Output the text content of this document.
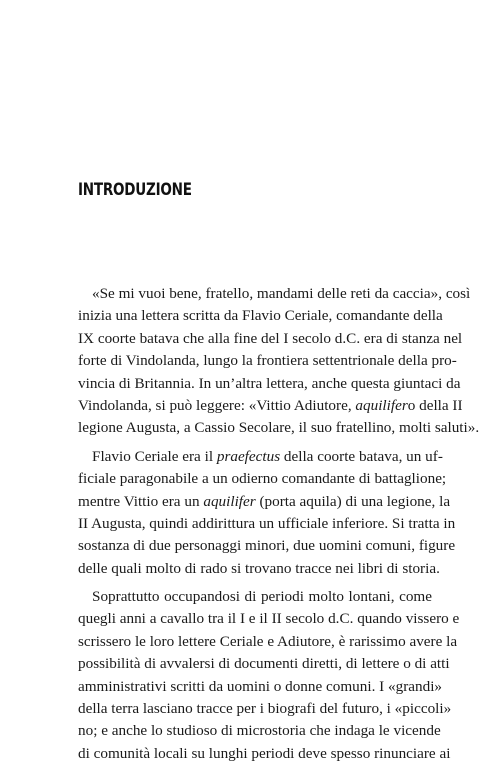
INTRODUZIONE
«Se mi vuoi bene, fratello, mandami delle reti da caccia», così
inizia una lettera scritta da Flavio Ceriale, comandante della
IX coorte batava che alla fine del I secolo d.C. era di stanza nel
forte di Vindolanda, lungo la frontiera settentrionale della pro-
vincia di Britannia. In un’altra lettera, anche questa giuntaci da
Vindolanda, si può leggere: «Vittio Adiutore, aquilifero della II
legione Augusta, a Cassio Secolare, il suo fratellino, molti saluti».
Flavio Ceriale era il praefectus della coorte batava, un uf-
ficiale paragonabile a un odierno comandante di battaglione;
mentre Vittio era un aquilifer (porta aquila) di una legione, la
II Augusta, quindi addirittura un ufficiale inferiore. Si tratta in
sostanza di due personaggi minori, due uomini comuni, figure
delle quali molto di rado si trovano tracce nei libri di storia.
Soprattutto occupandosi di periodi molto lontani, come
quegli anni a cavallo tra il I e il II secolo d.C. quando vissero e
scrissero le loro lettere Ceriale e Adiutore, è rarissimo avere la
possibilità di avvalersi di documenti diretti, di lettere o di atti
amministrativi scritti da uomini o donne comuni. I «grandi»
della terra lasciano tracce per i biografi del futuro, i «piccoli»
no; e anche lo studioso di microstoria che indaga le vicende
di comunità locali su lunghi periodi deve spesso rinunciare ai
